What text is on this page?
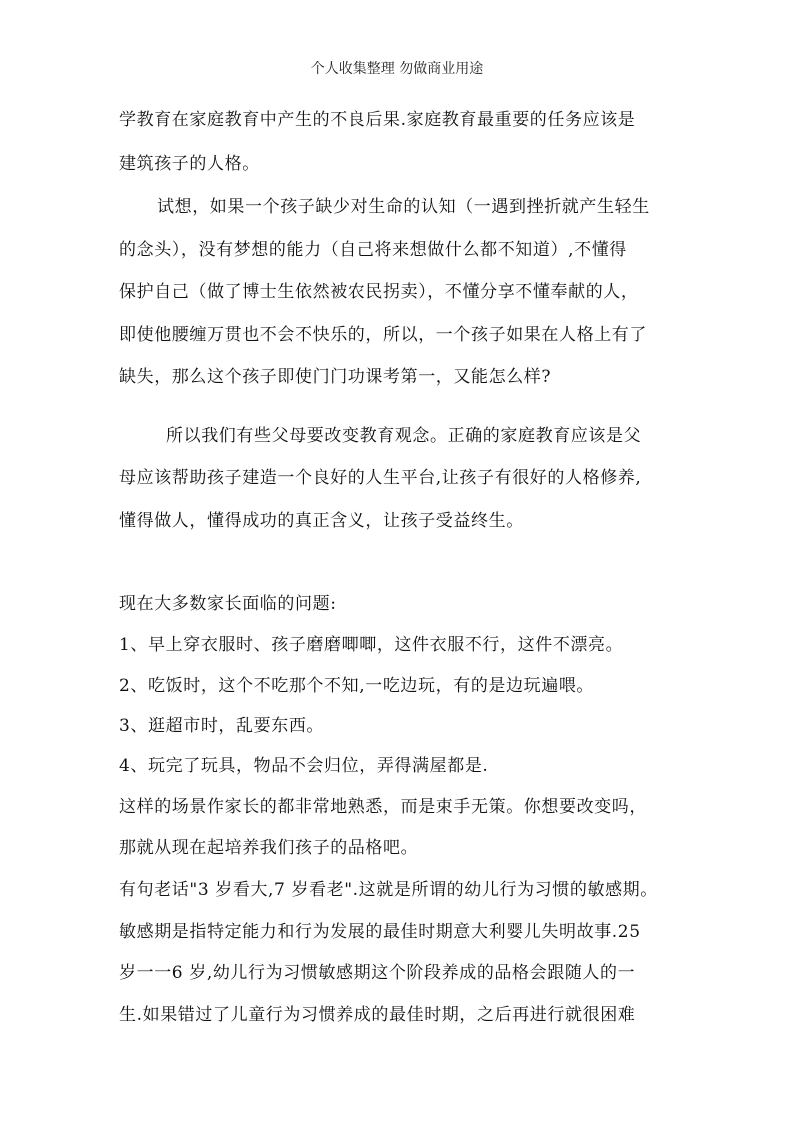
个人收集整理 勿做商业用途
学教育在家庭教育中产生的不良后果.家庭教育最重要的任务应该是
建筑孩子的人格。
试想，如果一个孩子缺少对生命的认知（一遇到挫折就产生轻生
的念头），没有梦想的能力（自己将来想做什么都不知道）,不懂得
保护自己（做了博士生依然被农民拐卖），不懂分享不懂奉献的人，
即使他腰缠万贯也不会不快乐的，所以，一个孩子如果在人格上有了
缺失，那么这个孩子即使门门功课考第一，又能怎么样?
所以我们有些父母要改变教育观念。正确的家庭教育应该是父
母应该帮助孩子建造一个良好的人生平台,让孩子有很好的人格修养,
懂得做人，懂得成功的真正含义，让孩子受益终生。
现在大多数家长面临的问题:
1、早上穿衣服时、孩子磨磨唧唧，这件衣服不行，这件不漂亮。
2、吃饭时，这个不吃那个不知,一吃边玩，有的是边玩遍喂。
3、逛超市时，乱要东西。
4、玩完了玩具，物品不会归位，弄得满屋都是.
这样的场景作家长的都非常地熟悉，而是束手无策。你想要改变吗，
那就从现在起培养我们孩子的品格吧。
有句老话"3 岁看大,7 岁看老".这就是所谓的幼儿行为习惯的敏感期。
敏感期是指特定能力和行为发展的最佳时期意大利婴儿失明故事.25
岁一一6 岁,幼儿行为习惯敏感期这个阶段养成的品格会跟随人的一
生.如果错过了儿童行为习惯养成的最佳时期，之后再进行就很困难
